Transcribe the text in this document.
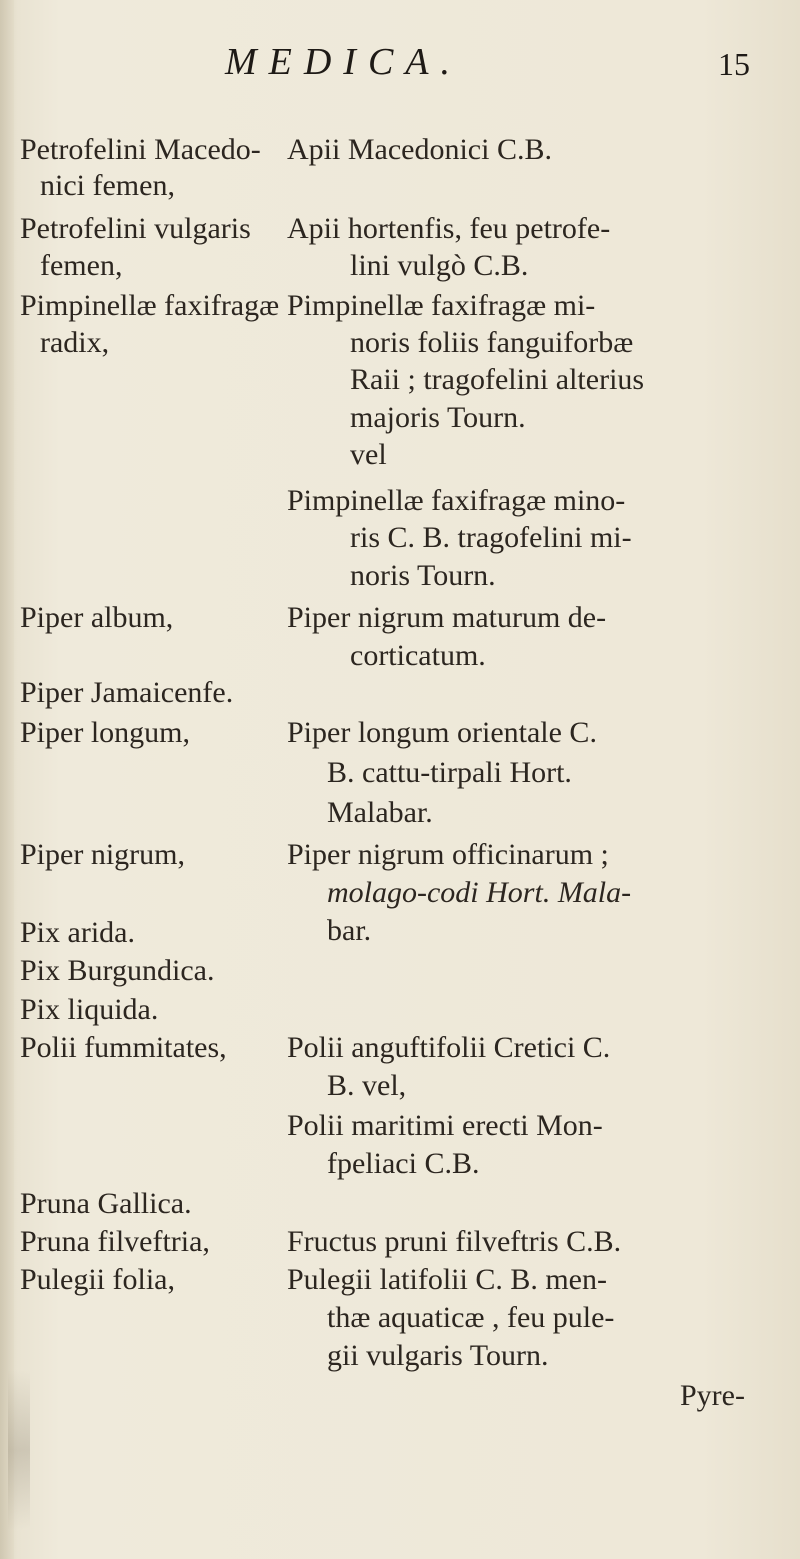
MEDICA.	15
Petrofelini Macedo-
nici femen,
Petrofelini vulgaris
femen,
Pimpinellæ faxifragæ
radix,
Piper album,
Piper Jamaicenfe.
Piper longum,
Piper nigrum,
Pix arida.
Pix Burgundica.
Pix liquida.
Polii fummitates,
Pruna Gallica.
Pruna filveftria,
Pulegii folia,
Apii Macedonici C.B.
Apii hortenfis, feu petrofe-
lini vulgò C.B.
Pimpinellæ faxifragæ mi-
noris foliis fanguiforbæ
Raii ; tragofelini alterius
majoris Tourn.
vel
Pimpinellæ faxifragæ mino-
ris C. B. tragofelini mi-
noris Tourn.
Piper nigrum maturum de-
corticatum.
Piper longum orientale C.
B. cattu-tirpali Hort.
Malabar.
Piper nigrum officinarum ;
molago-codi Hort. Mala-
bar.
Polii anguftifolii Cretici C.
B. vel,
Polii maritimi erecti Mon-
fpeliaci C.B.
Fructus pruni filveftris C.B.
Pulegii latifolii C. B. men-
thæ aquaticæ , feu pule-
gii vulgaris Tourn.
Pyre-
